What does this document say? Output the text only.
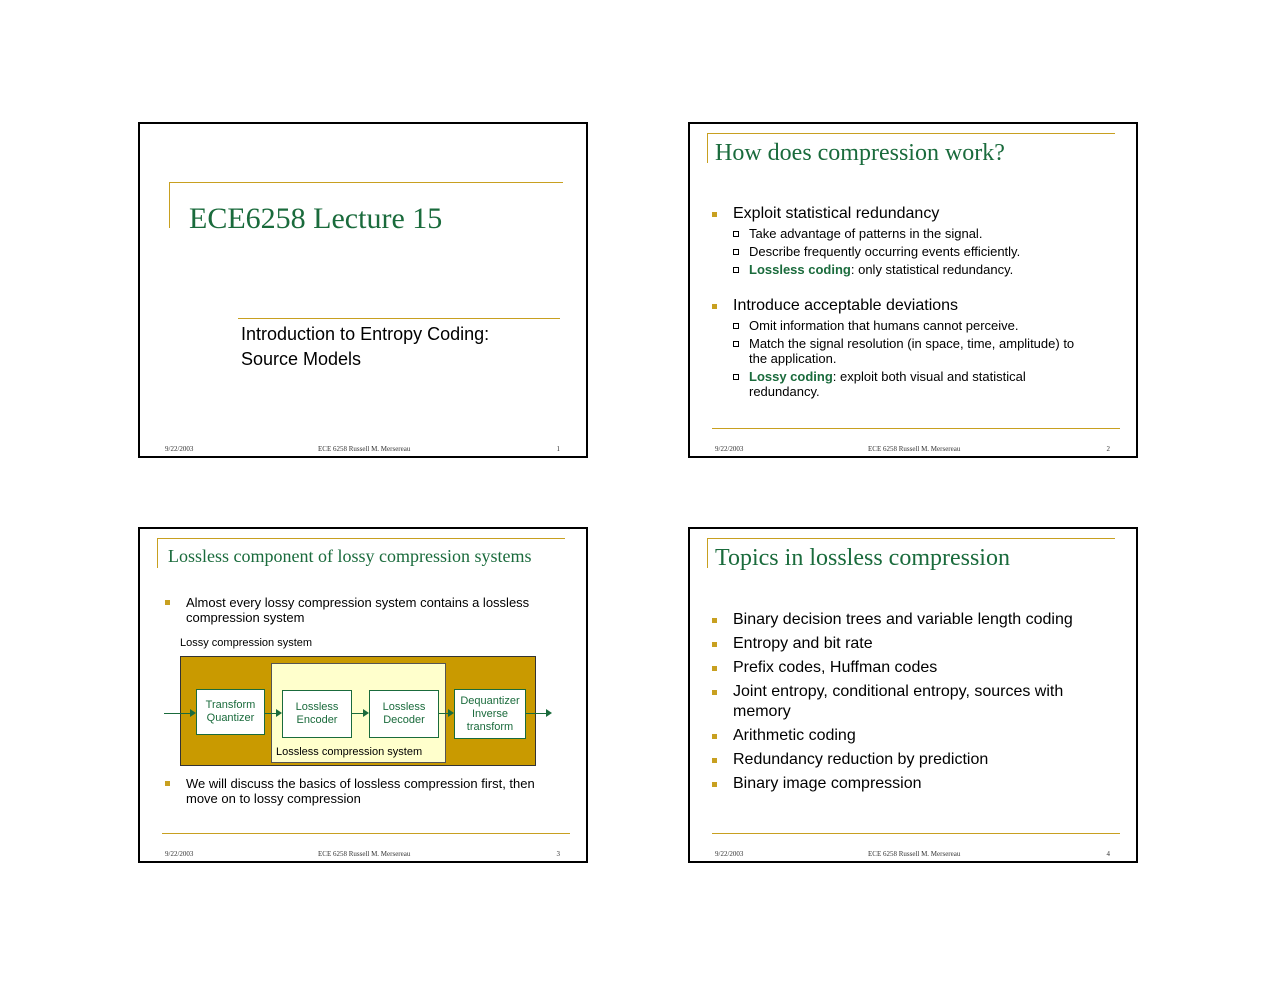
ECE6258 Lecture 15
Introduction to Entropy Coding:
Source Models
9/22/2003	ECE 6258 Russell M. Mersereau	1
How does compression work?
Exploit statistical redundancy
Take advantage of patterns in the signal.
Describe frequently occurring events efficiently.
Lossless coding: only statistical redundancy.
Introduce acceptable deviations
Omit information that humans cannot perceive.
Match the signal resolution (in space, time, amplitude) to the application.
Lossy coding: exploit both visual and statistical redundancy.
9/22/2003	ECE 6258 Russell M. Mersereau	2
Lossless component of lossy compression systems
Almost every lossy compression system contains a lossless compression system
Lossy compression system
Transform Quantizer
Lossless Encoder
Lossless Decoder
Dequantizer Inverse transform
Lossless compression system
We will discuss the basics of lossless compression first, then move on to lossy compression
9/22/2003	ECE 6258 Russell M. Mersereau	3
Topics in lossless compression
Binary decision trees and variable length coding
Entropy and bit rate
Prefix codes, Huffman codes
Joint entropy, conditional entropy, sources with memory
Arithmetic coding
Redundancy reduction by prediction
Binary image compression
9/22/2003	ECE 6258 Russell M. Mersereau	4
